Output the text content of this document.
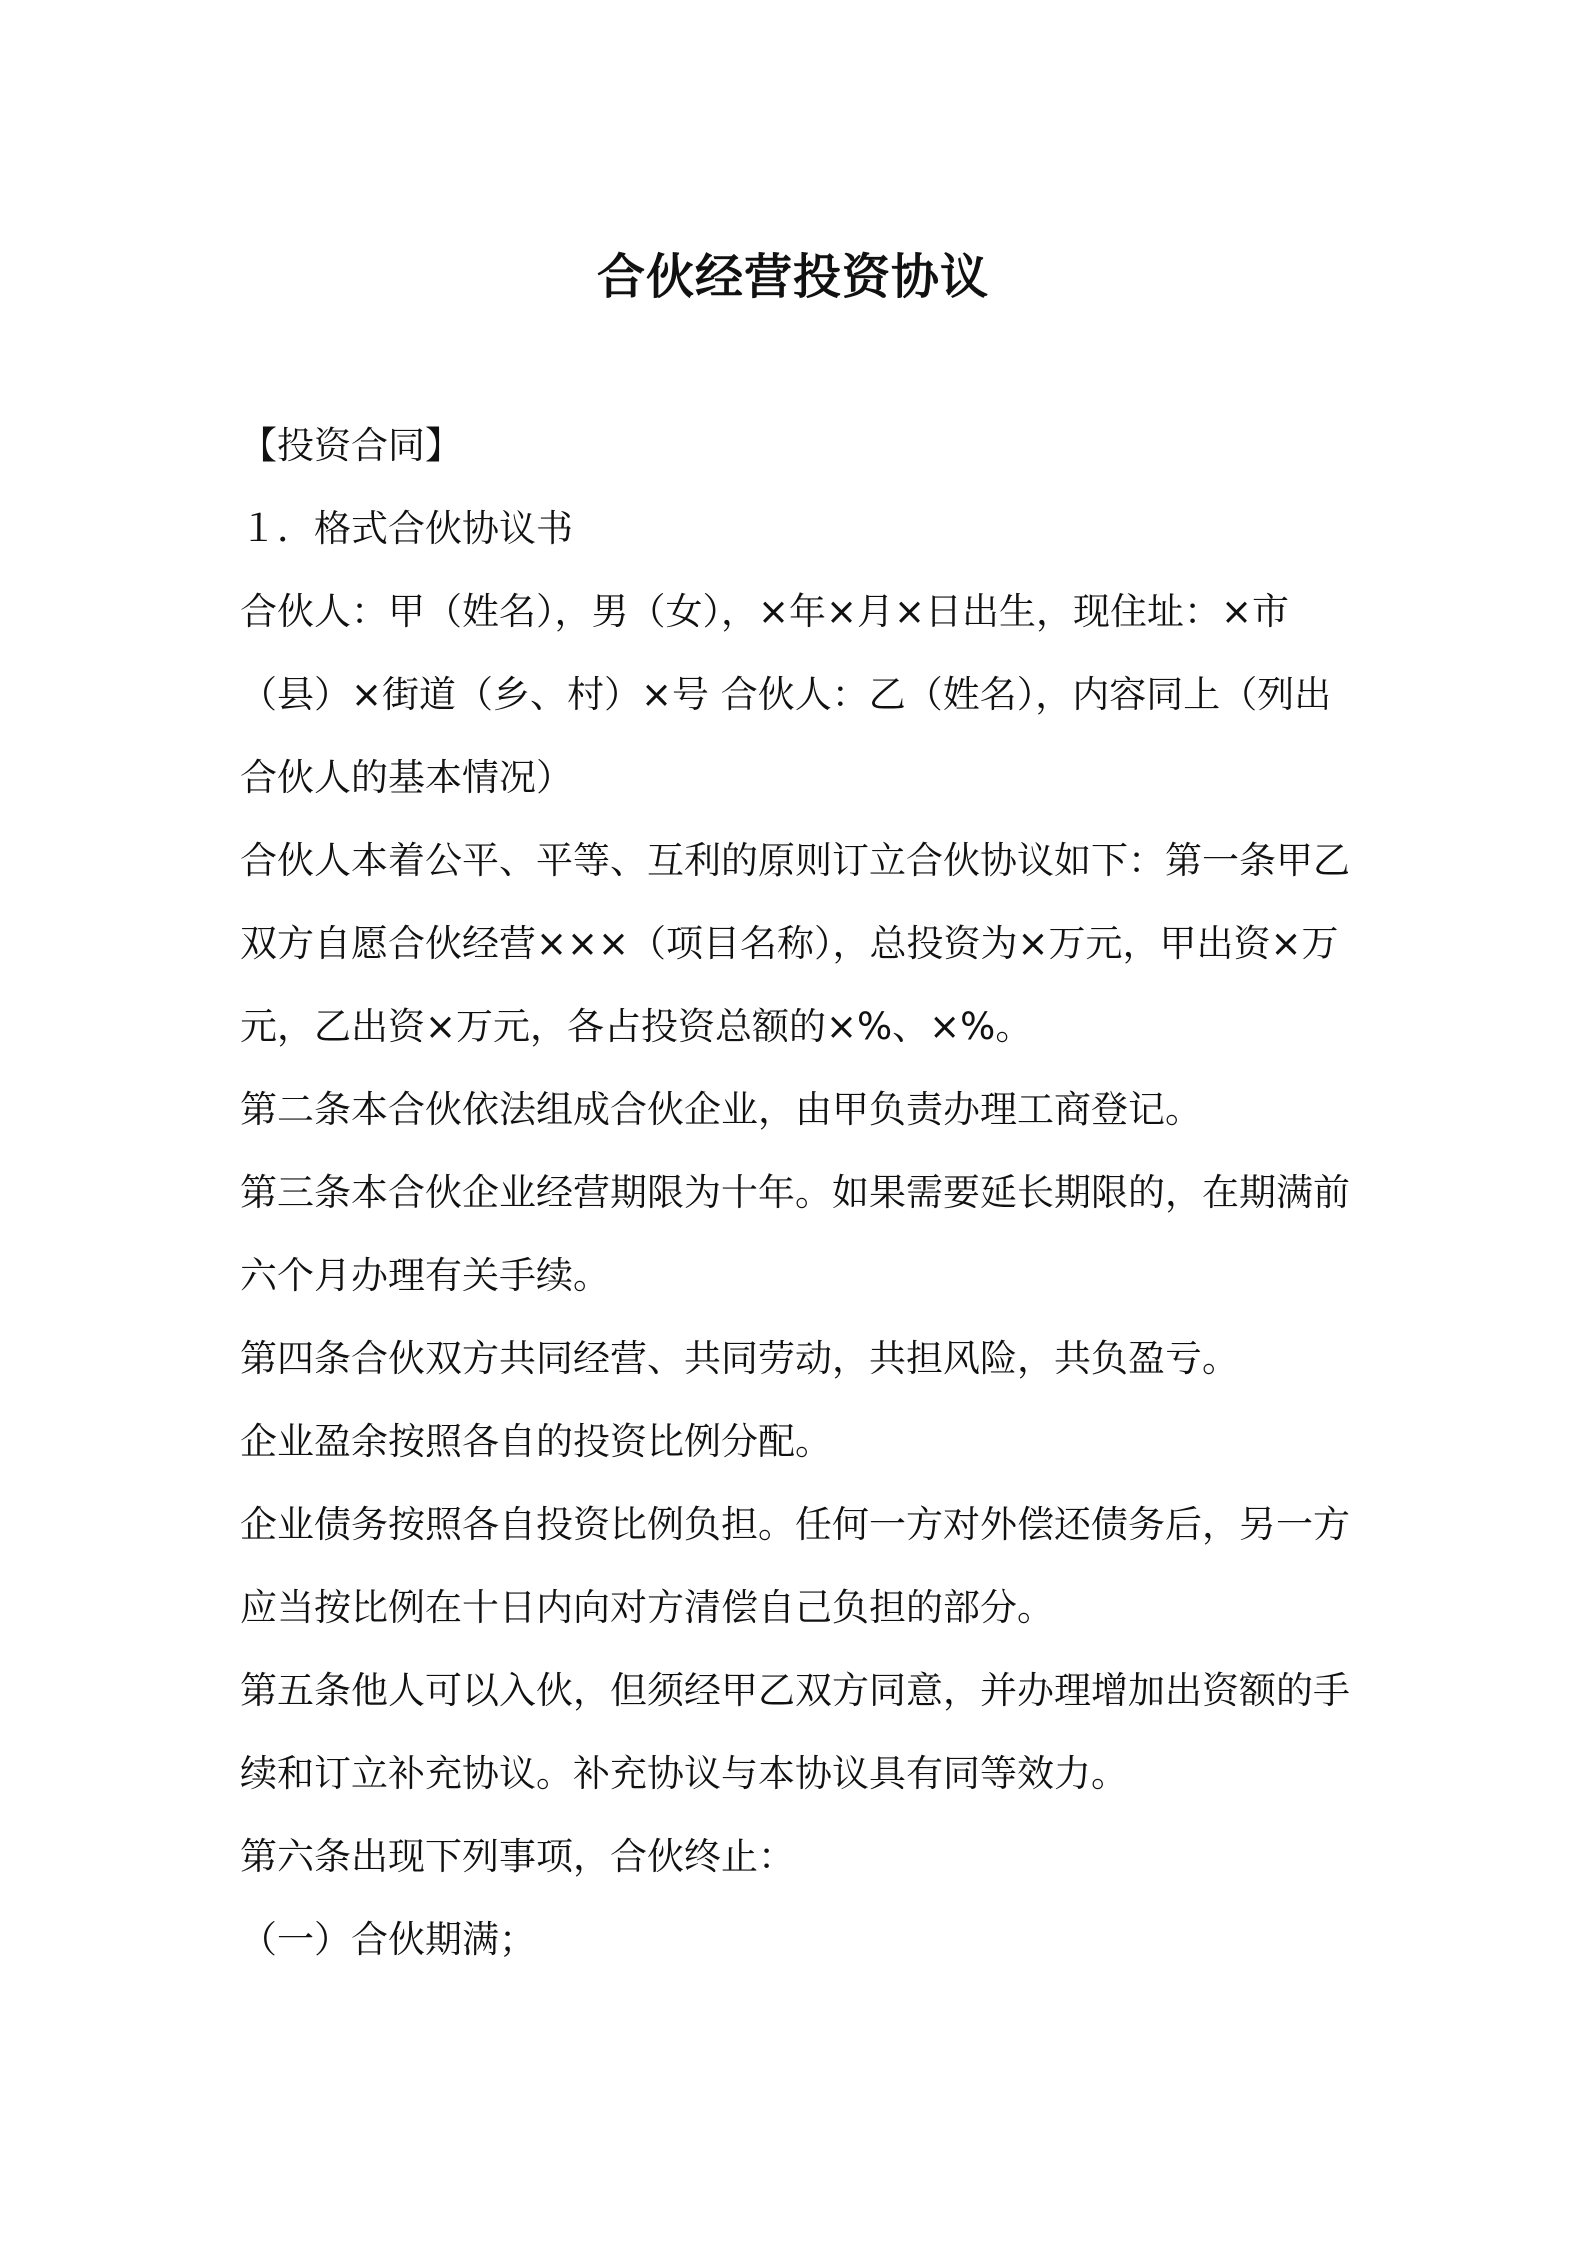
合伙经营投资协议

【投资合同】

１．格式合伙协议书

合伙人：甲（姓名），男（女），×年×月×日出生，现住址：×市（县）×街道（乡、村）×号 合伙人：乙（姓名），内容同上（列出合伙人的基本情况）

合伙人本着公平、平等、互利的原则订立合伙协议如下：第一条甲乙双方自愿合伙经营×××（项目名称），总投资为×万元，甲出资×万元，乙出资×万元，各占投资总额的×%、×%。

第二条本合伙依法组成合伙企业，由甲负责办理工商登记。

第三条本合伙企业经营期限为十年。如果需要延长期限的，在期满前六个月办理有关手续。

第四条合伙双方共同经营、共同劳动，共担风险，共负盈亏。

企业盈余按照各自的投资比例分配。

企业债务按照各自投资比例负担。任何一方对外偿还债务后，另一方应当按比例在十日内向对方清偿自己负担的部分。

第五条他人可以入伙，但须经甲乙双方同意，并办理增加出资额的手续和订立补充协议。补充协议与本协议具有同等效力。

第六条出现下列事项，合伙终止：

（一）合伙期满；
